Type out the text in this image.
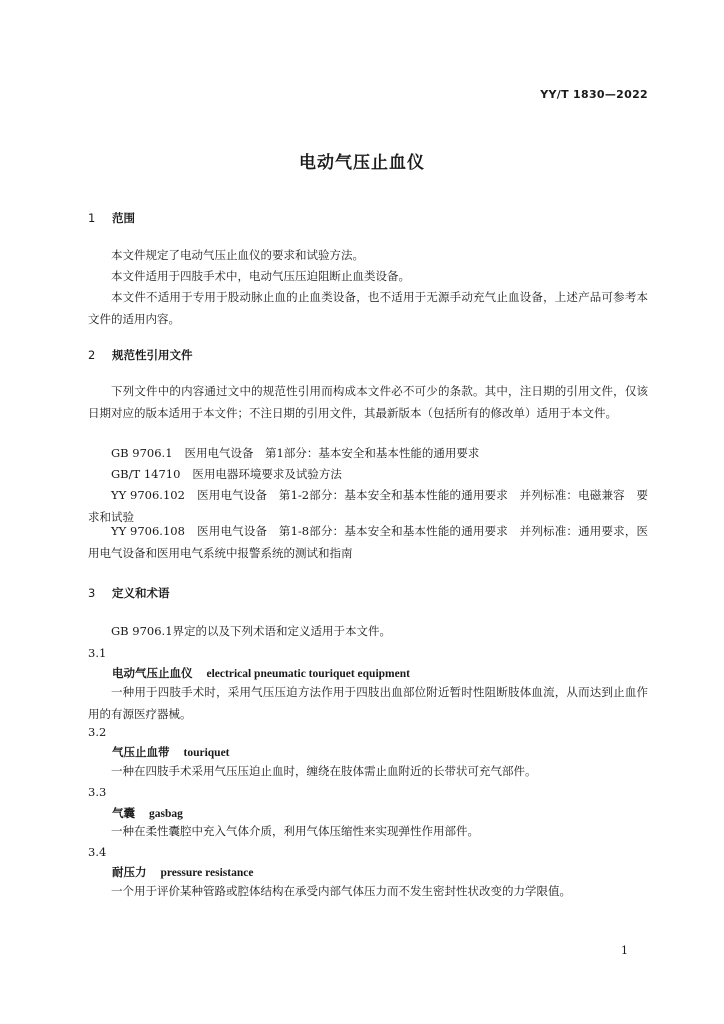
YY/T 1830—2022
电动气压止血仪
1 范围

本文件规定了电动气压止血仪的要求和试验方法。

本文件适用于四肢手术中，电动气压压迫阻断止血类设备。

本文件不适用于专用于股动脉止血的止血类设备，也不适用于无源手动充气止血设备，上述产品可参考本文件的适用内容。

2 规范性引用文件

下列文件中的内容通过文中的规范性引用而构成本文件必不可少的条款。其中，注日期的引用文件，仅该日期对应的版本适用于本文件；不注日期的引用文件，其最新版本（包括所有的修改单）适用于本文件。

GB 9706.1 医用电气设备　第1部分：基本安全和基本性能的通用要求

GB/T 14710 医用电器环境要求及试验方法

YY 9706.102 医用电气设备　第1-2部分：基本安全和基本性能的通用要求　并列标准：电磁兼容　要求和试验

YY 9706.108 医用电气设备　第1-8部分：基本安全和基本性能的通用要求　并列标准：通用要求，医用电气设备和医用电气系统中报警系统的测试和指南

3 定义和术语

GB 9706.1界定的以及下列术语和定义适用于本文件。

3.1
电动气压止血仪 electrical pneumatic touriquet equipment

一种用于四肢手术时，采用气压压迫方法作用于四肢出血部位附近暂时性阻断肢体血流，从而达到止血作用的有源医疗器械。

3.2
气压止血带 touriquet

一种在四肢手术采用气压压迫止血时，缠绕在肢体需止血附近的长带状可充气部件。

3.3
气囊 gasbag

一种在柔性囊腔中充入气体介质，利用气体压缩性来实现弹性作用部件。

3.4
耐压力 pressure resistance

一个用于评价某种管路或腔体结构在承受内部气体压力而不发生密封性状改变的力学限值。

1
